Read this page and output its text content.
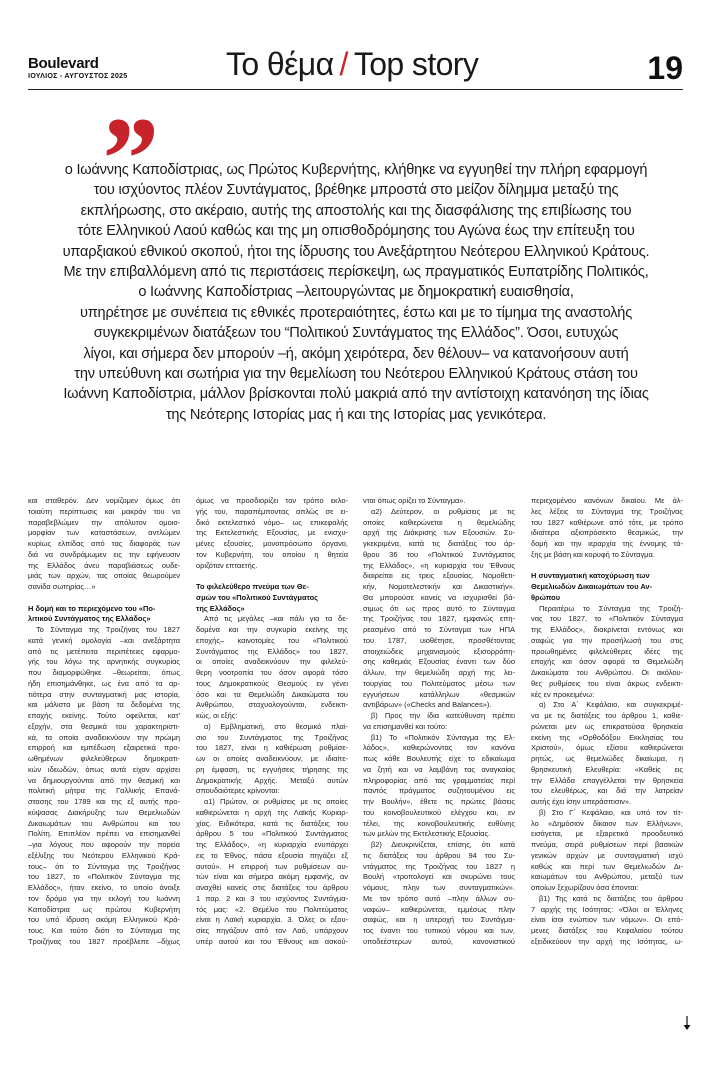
Boulevard
ΙΟΥΛΙΟΣ - ΑΥΓΟΥΣΤΟΣ 2025	Το θέμα / Top story	19
”
ο Ιωάννης Καποδίστριας, ως Πρώτος Κυβερνήτης, κλήθηκε να εγγυηθεί την πλήρη εφαρμογή
του ισχύοντος πλέον Συντάγματος, βρέθηκε μπροστά στο μείζον δίλημμα μεταξύ της
εκπλήρωσης, στο ακέραιο, αυτής της αποστολής και της διασφάλισης της επιβίωσης του
τότε Ελληνικού Λαού καθώς και της μη οπισθοδρόμησης του Αγώνα έως την επίτευξη του
υπαρξιακού εθνικού σκοπού, ήτοι της ίδρυσης του Ανεξάρτητου Νεότερου Ελληνικού Κράτους.
Με την επιβαλλόμενη από τις περιστάσεις περίσκεψη, ως πραγματικός Ευπατρίδης Πολιτικός,
ο Ιωάννης Καποδίστριας –λειτουργώντας με δημοκρατική ευαισθησία,
υπηρέτησε με συνέπεια τις εθνικές προτεραιότητες, έστω και με το τίμημα της αναστολής
συγκεκριμένων διατάξεων του “Πολιτικού Συντάγματος της Ελλάδος”. Όσοι, ευτυχώς
λίγοι, και σήμερα δεν μπορούν –ή, ακόμη χειρότερα, δεν θέλουν– να κατανοήσουν αυτή
την υπεύθυνη και σωτήρια για την θεμελίωση του Νεότερου Ελληνικού Κράτους στάση του
Ιωάννη Καποδίστρια, μάλλον βρίσκονται πολύ μακριά από την αντίστοιχη κατανόηση της ίδιας
της Νεότερης Ιστορίας μας ή και της Ιστορίας μας γενικότερα.
και σταθερόν. Δεν νομίζομεν όμως ότι
τοιαύτη περίπτωσις και μακράν του να
παραβεβλώμεν την απόλυτον ομοιο-
μορφίαν των καταστάσεων, αντλώμεν
κυρίως ελπίδας από τας διαφοράς των
διά να συνδράμωμεν εις την εφήνευσιν
της Ελλάδος άνευ παραβιάσεως ουδε-
μιάς των αρχών, τας οποίας θεωρούμεν
σανίδα σωτηρίας…»
Η δομή και το περιεχόμενο του «Πο-
λιτικού Συντάγματος της Ελλάδος»
Το Σύνταγμα της Τροιζήνας του 1827
κατά γενική ομολογία –και ανεξάρτητα
από τις μετέπειτα περιπέτειες εφαρμο-
γής του λόγω της αρνητικής συγκυρίας
που διαμορφώθηκε –θεωρείται, όπως
ήδη επισημάνθηκε, ως ένα από τα αρ-
τιότερα στην συνταγματική μας ιστορία,
και μάλιστα με βάση τα δεδομένα της
εποχής εκείνης. Τούτο οφείλεται, κατ'
εξοχήν, στα θεσμικά του χαρακτηριστι-
κά, τα οποία αναδεικνύουν την πρώιμη
επιρροή και εμπέδωση εξαιρετικά προ-
ωθημένων φιλελεύθερων δημοκρατι-
κών ιδεωδών, όπως αυτά είχαν αρχίσει
να δημιουργούνται από την θεσμική και
πολιτική μήτρα της Γαλλικής Επανά-
στασης του 1789 και της εξ αυτής προ-
κύψασας Διακήρυξης των Θεμελιωδών
Δικαιωμάτων του Ανθρώπου και του
Πολίτη. Επιπλέον πρέπει να επισημανθεί
–για λόγους που αφορούν την πορεία
εξέλιξης του Νεότερου Ελληνικού Κρά-
τους– ότι το Σύνταγμα της Τροιζήνας
του 1827, το «Πολιτικόν Σύνταγμα της
Ελλάδος», ήταν εκείνο, το οποίο άνοιξε
τον δρόμο για την εκλογή του Ιωάννη
Καποδίστρια ως πρώτου Κυβερνήτη
του υπό ίδρυση ακόμη Ελληνικού Κρά-
τους. Και τούτο διότι το Σύνταγμα της
Τροιζήνας του 1827 προέβλεπε –δίχως
όμως να προσδιορίζει τον τρόπο εκλο-
γής του, παραπέμποντας απλώς σε ει-
δικό εκτελεστικό νόμο– ως επικεφαλής
της Εκτελεστικής Εξουσίας, με ενισχυ-
μένες εξουσίες, μονοπρόσωπο όργανο,
τον Κυβερνήτη, του οποίου η θητεία
οριζόταν επταετής.
Το φιλελεύθερο πνεύμα των Θε-
σμών του «Πολιτικού Συντάγματος
της Ελλάδος»
Από τις μεγάλες –και πάλι για τα δε-
δομένα και την συγκυρία εκείνης της
εποχής– καινοτομίες του «Πολιτικού
Συντάγματος της Ελλάδος» του 1827,
οι οποίες αναδεικνύουν την φιλελεύ-
θερη νοοτροπία του όσον αφορά τόσο
τους Δημοκρατικούς Θεσμούς εν γένει
όσο και τα Θεμελιώδη Δικαιώματα του
Ανθρώπου, σταχυολογούνται, ενδεικτι-
κώς, οι εξής:
α) Εμβληματική, στο θεσμικό πλαί-
σιο του Συντάγματος της Τροιζήνας
του 1827, είναι η καθιέρωση ρυθμίσε-
ων οι οποίες αναδεικνύουν, με ιδιαίτε-
ρη έμφαση, τις εγγυήσεις τήρησης της
Δημοκρατικής Αρχής. Μεταξύ αυτών
σπουδαιότερες κρίνονται:
α1) Πρώτον, οι ρυθμίσεις με τις οποίες
καθιερώνεται η αρχή της Λαϊκής Κυριαρ-
χίας. Ειδικότερα, κατά τις διατάξεις του
άρθρου 5 του «Πολιτικού Συντάγματος
της Ελλάδος», «η κυριαρχία ενυπάρχει
εις το Έθνος, πάσα εξουσία πηγάζει εξ
αυτού». Η επιρροή των ρυθμίσεων αυ-
τών είναι και σήμερα ακόμη εμφανής, αν
αναχθεί κανείς στις διατάξεις του άρθρου
1 παρ. 2 και 3 του ισχύοντος Συντάγμα-
τός μας: «2. Θεμέλιο του Πολιτεύματος
είναι η Λαϊκή κυριαρχία. 3. Όλες οι εξου-
σίες πηγάζουν από τον Λαό, υπάρχουν
υπέρ αυτού και του Έθνους και ασκού-
νται όπως ορίζει το Σύνταγμα».
α2) Δεύτερον, οι ρυθμίσεις με τις
οποίες καθιερώνεται η θεμελιώδης
αρχή της Διάκρισης των Εξουσιών. Συ-
γκεκριμένα, κατά τις διατάξεις του άρ-
θρου 36 του «Πολιτικού Συντάγματος
της Ελλάδος», «η κυριαρχία του Έθνους
διαιρείται εις τρεις εξουσίας. Νομοθετι-
κήν, Νομοτελεστικήν και Δικαστικήν».
Θα μπορούσε κανείς να ισχυρισθεί βά-
σιμως ότι ως προς αυτό το Σύνταγμα
της Τροιζήνας του 1827, εμφανώς επη-
ρεασμένο από το Σύνταγμα των ΗΠΑ
του 1787, υιοθέτησε, προσθέτοντας
στοιχειώδεις μηχανισμούς εξισορρόπη-
σης καθεμιάς Εξουσίας έναντι των δύο
άλλων, την θεμελιώδη αρχή της λει-
τουργίας του Πολιτεύματος μέσω των
εγγυήσεων κατάλληλων «θεσμικών
αντιβάρων» («Checks and Balances»).
β) Προς την ίδια κατεύθυνση πρέπει
να επισημανθεί και τούτο:
β1) Το «Πολιτικόν Σύνταγμα της Ελ-
λάδος», καθιερώνοντας τον κανόνα
πως κάθε Βουλευτής είχε το εδικαίωμα
να ζητή και να λαμβάνη τας αναγκαίας
πληροφορίας από τας γραμματείας περί
παντός πράγματος συζητουμένου εις
την Βουλήν», έθετε τις πρώτες βάσεις
του κοινοβουλευτικού ελέγχου και, εν
τέλει, της κοινοβουλευτικής ευθύνης
των μελών της Εκτελεστικής Εξουσίας.
β2) Διευκρινίζεται, επίσης, ότι κατά
τις διατάξεις του άρθρου 94 του Συ-
ντάγματος της Τροιζήνας του 1827 η
Βουλή «τροπολογεί και σκυρώνει τους
νόμους, πλην των συνταγματικών».
Με τον τρόπο αυτό –πλην άλλων συ-
ναφών– καθιερώνεται, εμμέσως πλην
σαφώς, και η υπεροχή του Συντάγμα-
τος έναντι του τυπικού νόμου και των,
υποδεέστερων αυτού, κανονιστικού
περιεχομένου κανόνων δικαίου. Με άλ-
λες λέξεις το Σύνταγμα της Τροιζήνας
του 1827 καθιέρωνε από τότε, με τρόπο
ιδιαίτερα αξιοπρόσεκτο θεσμικώς, την
δομή και την ιεραρχία της έννομης τά-
ξης με βάση και κορυφή το Σύνταγμα.
Η συνταγματική κατοχύρωση των
Θεμελιωδών Δικαιωμάτων του Αν-
θρώπου
Περαιτέρω το Σύνταγμα της Τροιζή-
νας του 1827, το «Πολιτικόν Σύνταγμα
της Ελλάδος», διακρίνεται εντόνως και
σαφώς για την προσήλωσή του στις
προωθημένες φιλελεύθερες ιδέες της
εποχής και όσον αφορά τα Θεμελιώδη
Δικαιώματα του Ανθρώπου. Οι ακόλου-
θες ρυθμίσεις του είναι άκρως ενδεικτι-
κές εν προκειμένω:
α) Στο Α΄ Κεφάλαιο, και συγκεκριμέ-
να με τις διατάξεις του άρθρου 1, καθιε-
ρώνεται μεν ως επικρατούσα θρησκεία
εκείνη της «Ορθοδόξου Εκκλησίας του
Χριστού», όμως εξίσου καθιερώνεται
ρητώς, ως θεμελιώδες δικαίωμα, η
θρησκευτική Ελευθερία: «Καθείς εις
την Ελλάδα επαγγέλλεται την θρησκεία
του ελευθέρως, και διά την λατρείαν
αυτής έχει ίσην υπεράσπισιν».
β) Στο Γ΄ Κεφάλαιο, και υπό τον τίτ-
λο «Δημόσιον δίκαιον των Ελλήνων»,
εισάγεται, με εξαιρετικά προοδευτικό
πνεύμα, σειρά ρυθμίσεων περί βασικών
γενικών αρχών με συνταγματική ισχύ
καθώς και περί των Θεμελιωδών Δι-
καιωμάτων του Ανθρώπου, μεταξύ των
οποίων ξεχωρίζουν όσα έπονται:
β1) Της κατά τις διατάξεις του άρθρου
7 αρχής της Ισότητας: «Όλοι οι Έλληνες
είναι ίσοι ενώπιον των νόμων». Οι επό-
μενες διατάξεις του Κεφαλαίου τούτου
εξειδικεύουν την αρχή της Ισότητας, ω-
